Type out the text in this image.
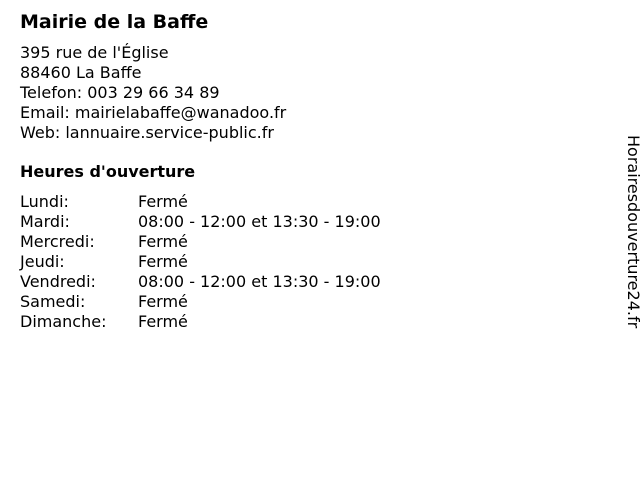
Mairie de la Baffe
395 rue de l'Église
88460 La Baffe
Telefon: 003 29 66 34 89
Email: mairielabaffe@wanadoo.fr
Web: lannuaire.service-public.fr
Heures d'ouverture
Lundi:	Fermé
Mardi:	08:00 - 12:00 et 13:30 - 19:00
Mercredi:	Fermé
Jeudi:	Fermé
Vendredi:	08:00 - 12:00 et 13:30 - 19:00
Samedi:	Fermé
Dimanche:	Fermé	Horairesdouverture24.fr
